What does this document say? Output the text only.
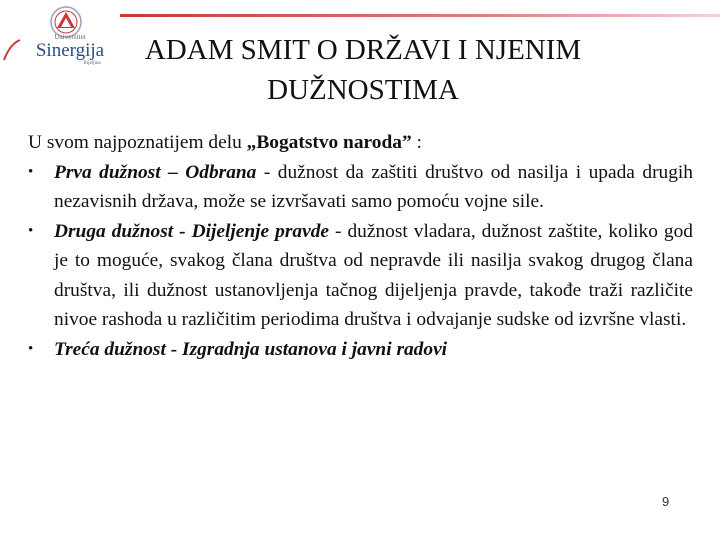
Univerzitet
Sinergija
Bijeljina	ADAM SMIT O DRŽAVI I NJENIM
DUŽNOSTIMA

U svom najpoznatijem delu „Bogatstvo naroda” :

•	Prva dužnost – Odbrana - dužnost da zaštiti društvo od nasilja i upada drugih nezavisnih država, može se izvršavati samo pomoću vojne sile.
•	Druga dužnost - Dijeljenje pravde - dužnost vladara, dužnost zaštite, koliko god je to moguće, svakog člana društva od nepravde ili nasilja svakog drugog člana društva, ili dužnost ustanovljenja tačnog dijeljenja pravde, takođe traži različite nivoe rashoda u različitim periodima društva i odvajanje sudske od izvršne vlasti.
•	Treća dužnost - Izgradnja ustanova i javni radovi
9
